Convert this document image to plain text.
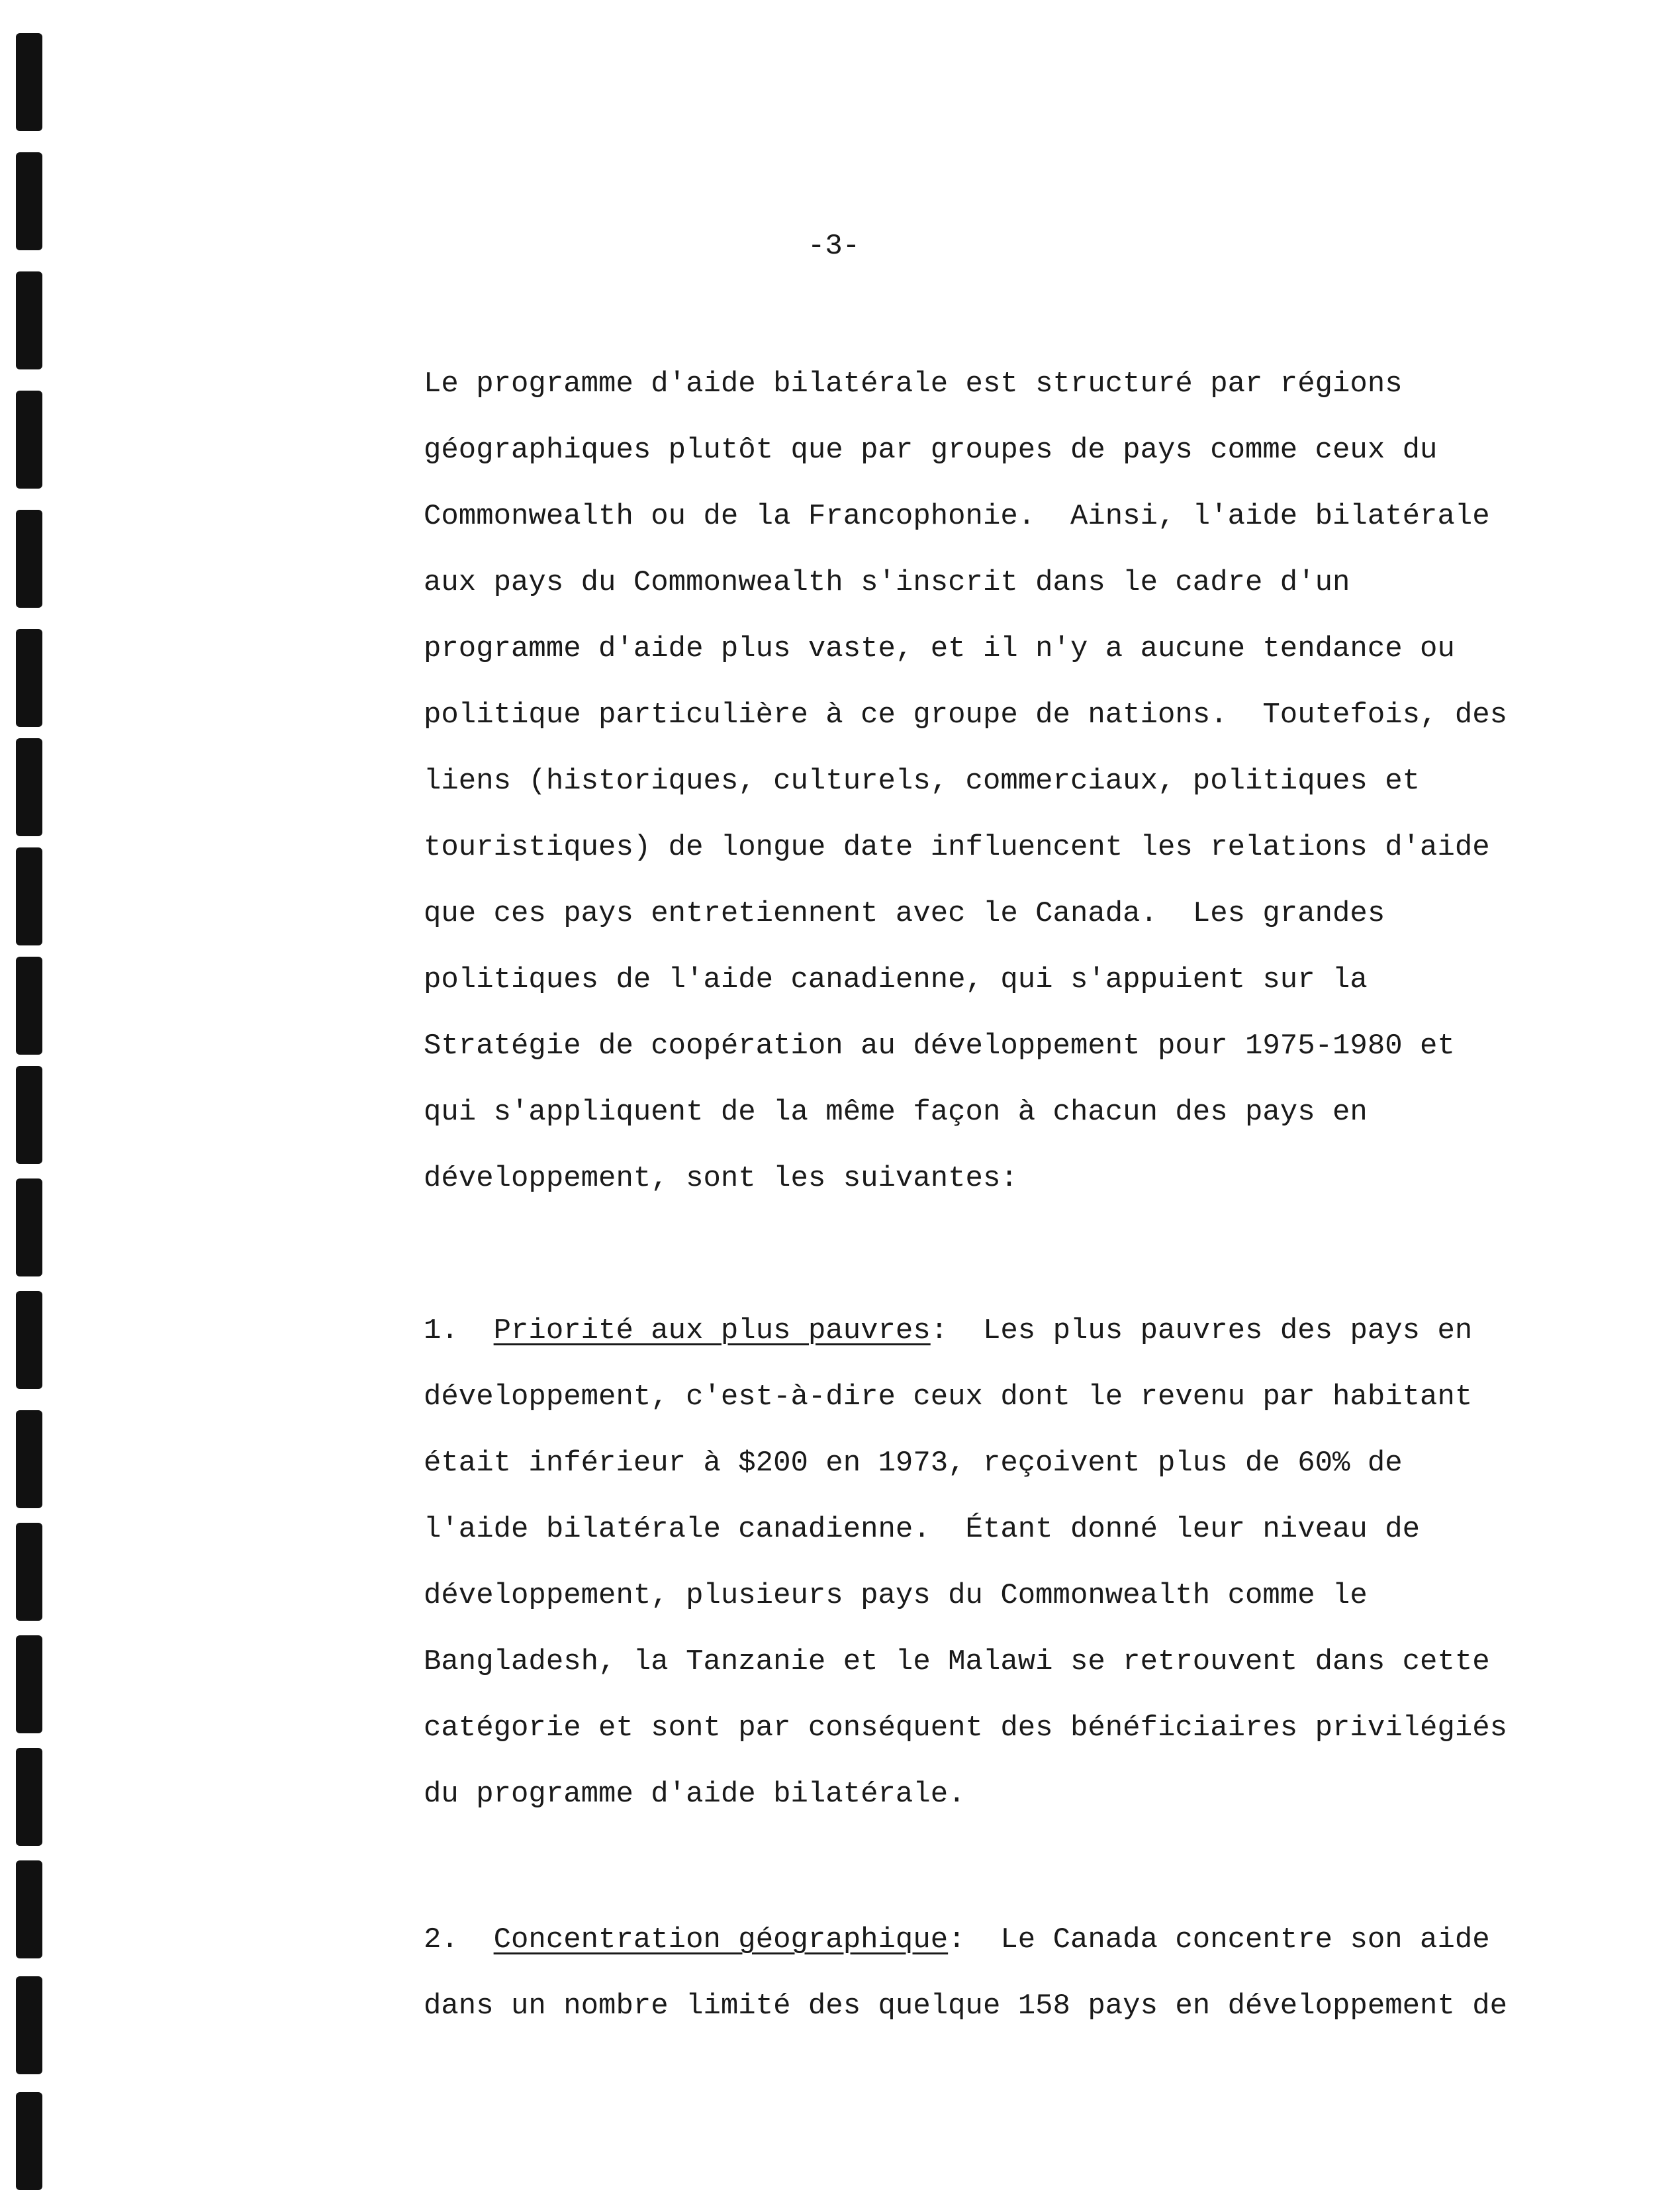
-3-
Le programme d'aide bilatérale est structuré par régions
géographiques plutôt que par groupes de pays comme ceux du
Commonwealth ou de la Francophonie.  Ainsi, l'aide bilatérale
aux pays du Commonwealth s'inscrit dans le cadre d'un
programme d'aide plus vaste, et il n'y a aucune tendance ou
politique particulière à ce groupe de nations.  Toutefois, des
liens (historiques, culturels, commerciaux, politiques et
touristiques) de longue date influencent les relations d'aide
que ces pays entretiennent avec le Canada.  Les grandes
politiques de l'aide canadienne, qui s'appuient sur la
Stratégie de coopération au développement pour 1975-1980 et
qui s'appliquent de la même façon à chacun des pays en
développement, sont les suivantes:
1. Priorité aux plus pauvres:  Les plus pauvres des pays en
développement, c'est-à-dire ceux dont le revenu par habitant
était inférieur à $200 en 1973, reçoivent plus de 60% de
l'aide bilatérale canadienne.  Étant donné leur niveau de
développement, plusieurs pays du Commonwealth comme le
Bangladesh, la Tanzanie et le Malawi se retrouvent dans cette
catégorie et sont par conséquent des bénéficiaires privilégiés
du programme d'aide bilatérale.
2. Concentration géographique:  Le Canada concentre son aide
dans un nombre limité des quelque 158 pays en développement de
